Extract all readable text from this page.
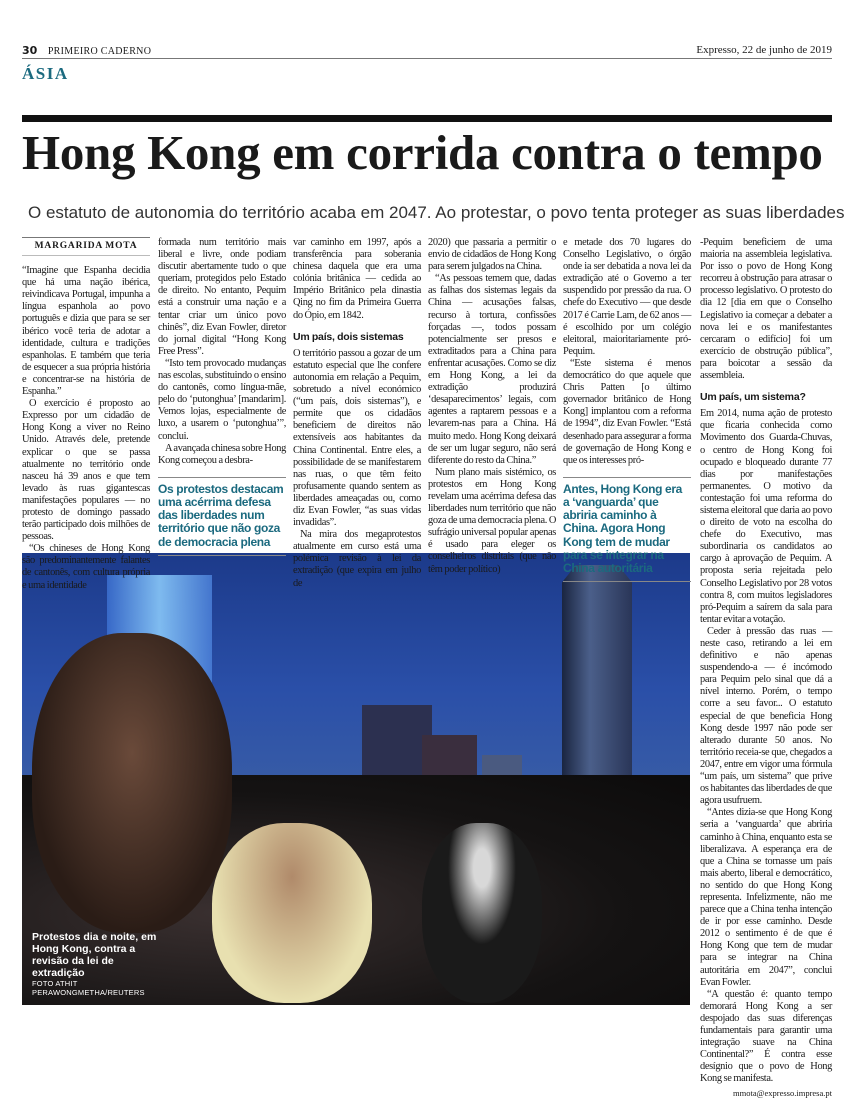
30 PRIMEIRO CADERNO	Expresso, 22 de junho de 2019
ÁSIA
Hong Kong em corrida contra o tempo
O estatuto de autonomia do território acaba em 2047. Ao protestar, o povo tenta proteger as suas liberdades
MARGARIDA MOTA

“Imagine que Espanha decidia que há uma nação ibérica, reivindicava Portugal, impunha a língua espanhola ao povo português e dizia que para se ser ibérico você teria de adotar a identidade, cultura e tradições espanholas. E também que teria de esquecer a sua própria história e concentrar-se na história de Espanha.”

O exercício é proposto ao Expresso por um cidadão de Hong Kong a viver no Reino Unido. Através dele, pretende explicar o que se passa atualmente no território onde nasceu há 39 anos e que tem levado às ruas gigantescas manifestações populares — no protesto de domingo passado terão participado dois milhões de pessoas.

“Os chineses de Hong Kong são predominantemente falantes de cantonês, com cultura própria e uma identidade

formada num território mais liberal e livre, onde podiam discutir abertamente tudo o que queriam, protegidos pelo Estado de direito. No entanto, Pequim está a construir uma nação e a tentar criar um único povo chinês”, diz Evan Fowler, diretor do jornal digital “Hong Kong Free Press”.

“Isto tem provocado mudanças nas escolas, substituindo o ensino do cantonês, como língua-mãe, pelo do ‘putonghua’ [mandarim]. Vemos lojas, especialmente de luxo, a usarem o ‘putonghua’”, conclui.

A avançada chinesa sobre Hong Kong começou a desbra-

Os protestos destacam uma acérrima defesa das liberdades num território que não goza de democracia plena

var caminho em 1997, após a transferência para soberania chinesa daquela que era uma colónia britânica — cedida ao Império Britânico pela dinastia Qing no fim da Primeira Guerra do Ópio, em 1842.

Um país, dois sistemas

O território passou a gozar de um estatuto especial que lhe confere autonomia em relação a Pequim, sobretudo a nível económico (“um país, dois sistemas”), e permite que os cidadãos beneficiem de direitos não extensíveis aos habitantes da China Continental. Entre eles, a possibilidade de se manifestarem nas ruas, o que têm feito profusamente quando sentem as liberdades ameaçadas ou, como diz Evan Fowler, “as suas vidas invadidas”.

Na mira dos megaprotestos atualmente em curso está uma polémica revisão à lei da extradição (que expira em julho de

2020) que passaria a permitir o envio de cidadãos de Hong Kong para serem julgados na China.

“As pessoas temem que, dadas as falhas dos sistemas legais da China — acusações falsas, recurso à tortura, confissões forçadas —, todos possam potencialmente ser presos e extraditados para a China para enfrentar acusações. Como se diz em Hong Kong, a lei da extradição produzirá ‘desaparecimentos’ legais, com agentes a raptarem pessoas e a levarem-nas para a China. Há muito medo. Hong Kong deixará de ser um lugar seguro, não será diferente do resto da China.”

Num plano mais sistémico, os protestos em Hong Kong revelam uma acérrima defesa das liberdades num território que não goza de uma democracia plena. O sufrágio universal popular apenas é usado para eleger os conselheiros distritais (que não têm poder político)

e metade dos 70 lugares do Conselho Legislativo, o órgão onde ia ser debatida a nova lei da extradição até o Governo a ter suspendido por pressão da rua. O chefe do Executivo — que desde 2017 é Carrie Lam, de 62 anos — é escolhido por um colégio eleitoral, maioritariamente pró-Pequim.

“Este sistema é menos democrático do que aquele que Chris Patten [o último governador britânico de Hong Kong] implantou com a reforma de 1994”, diz Evan Fowler. “Está desenhado para assegurar a forma de governação de Hong Kong e que os interesses pró-

Antes, Hong Kong era a ‘vanguarda’ que abriria caminho à China. Agora Hong Kong tem de mudar para se integrar na China autoritária

-Pequim beneficiem de uma maioria na assembleia legislativa. Por isso o povo de Hong Kong recorreu à obstrução para atrasar o processo legislativo. O protesto do dia 12 [dia em que o Conselho Legislativo ia começar a debater a nova lei e os manifestantes cercaram o edifício] foi um exercício de obstrução pública”, para boicotar a sessão da assembleia.

Um país, um sistema?

Em 2014, numa ação de protesto que ficaria conhecida como Movimento dos Guarda-Chuvas, o centro de Hong Kong foi ocupado e bloqueado durante 77 dias por manifestações permanentes. O motivo da contestação foi uma reforma do sistema eleitoral que daria ao povo o direito de voto na escolha do chefe do Executivo, mas subordinaria os candidatos ao cargo à aprovação de Pequim. A proposta seria rejeitada pelo Conselho Legislativo por 28 votos contra 8, com muitos legisladores pró-Pequim a saírem da sala para tentar evitar a votação.

Ceder à pressão das ruas — neste caso, retirando a lei em definitivo e não apenas suspendendo-a — é incómodo para Pequim pelo sinal que dá a nível interno. Porém, o tempo corre a seu favor... O estatuto especial de que beneficia Hong Kong desde 1997 não pode ser alterado durante 50 anos. No território receia-se que, chegados a 2047, entre em vigor uma fórmula “um país, um sistema” que prive os habitantes das liberdades de que agora usufruem.

“Antes dizia-se que Hong Kong seria a ‘vanguarda’ que abriria caminho à China, enquanto esta se liberalizava. A esperança era de que a China se tornasse um país mais aberto, liberal e democrático, no sentido do que Hong Kong representa. Infelizmente, não me parece que a China tenha intenção de ir por esse caminho. Desde 2012 o sentimento é de que é Hong Kong que tem de mudar para se integrar na China autoritária em 2047”, conclui Evan Fowler.

“A questão é: quanto tempo demorará Hong Kong a ser despojado das suas diferenças fundamentais para garantir uma integração suave na China Continental?” É contra esse desígnio que o povo de Hong Kong se manifesta.

mmota@expresso.impresa.pt
Protestos dia e noite, em Hong Kong, contra a revisão da lei de extradição
FOTO ATHIT PERAWONGMETHA/REUTERS
